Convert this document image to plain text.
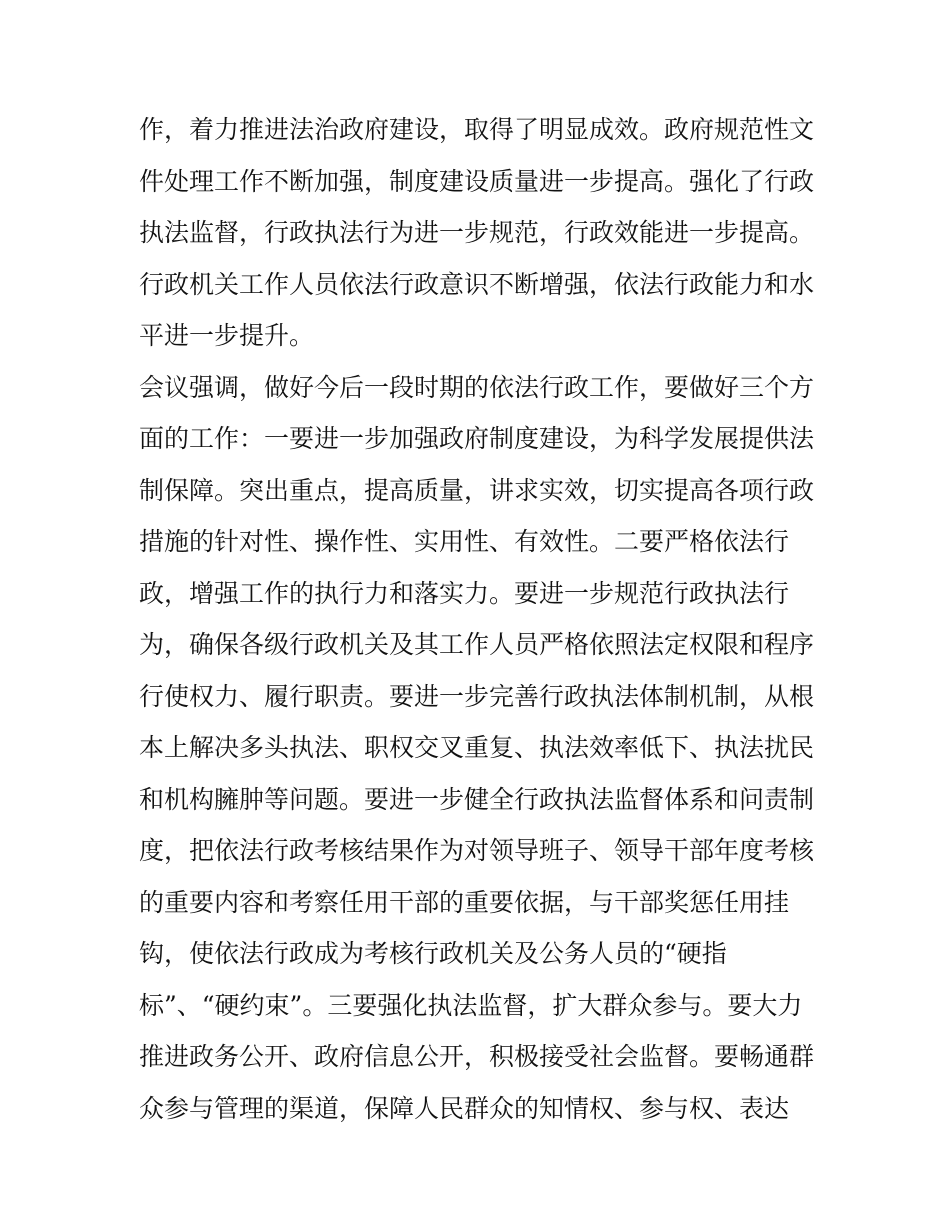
作，着力推进法治政府建设，取得了明显成效。政府规范性文
件处理工作不断加强，制度建设质量进一步提高。强化了行政
执法监督，行政执法行为进一步规范，行政效能进一步提高。
行政机关工作人员依法行政意识不断增强，依法行政能力和水
平进一步提升。
会议强调，做好今后一段时期的依法行政工作，要做好三个方
面的工作：一要进一步加强政府制度建设，为科学发展提供法
制保障。突出重点，提高质量，讲求实效，切实提高各项行政
措施的针对性、操作性、实用性、有效性。二要严格依法行
政，增强工作的执行力和落实力。要进一步规范行政执法行
为，确保各级行政机关及其工作人员严格依照法定权限和程序
行使权力、履行职责。要进一步完善行政执法体制机制，从根
本上解决多头执法、职权交叉重复、执法效率低下、执法扰民
和机构臃肿等问题。要进一步健全行政执法监督体系和问责制
度，把依法行政考核结果作为对领导班子、领导干部年度考核
的重要内容和考察任用干部的重要依据，与干部奖惩任用挂
钩，使依法行政成为考核行政机关及公务人员的“硬指
标”、“硬约束”。三要强化执法监督，扩大群众参与。要大力
推进政务公开、政府信息公开，积极接受社会监督。要畅通群
众参与管理的渠道，保障人民群众的知情权、参与权、表达
